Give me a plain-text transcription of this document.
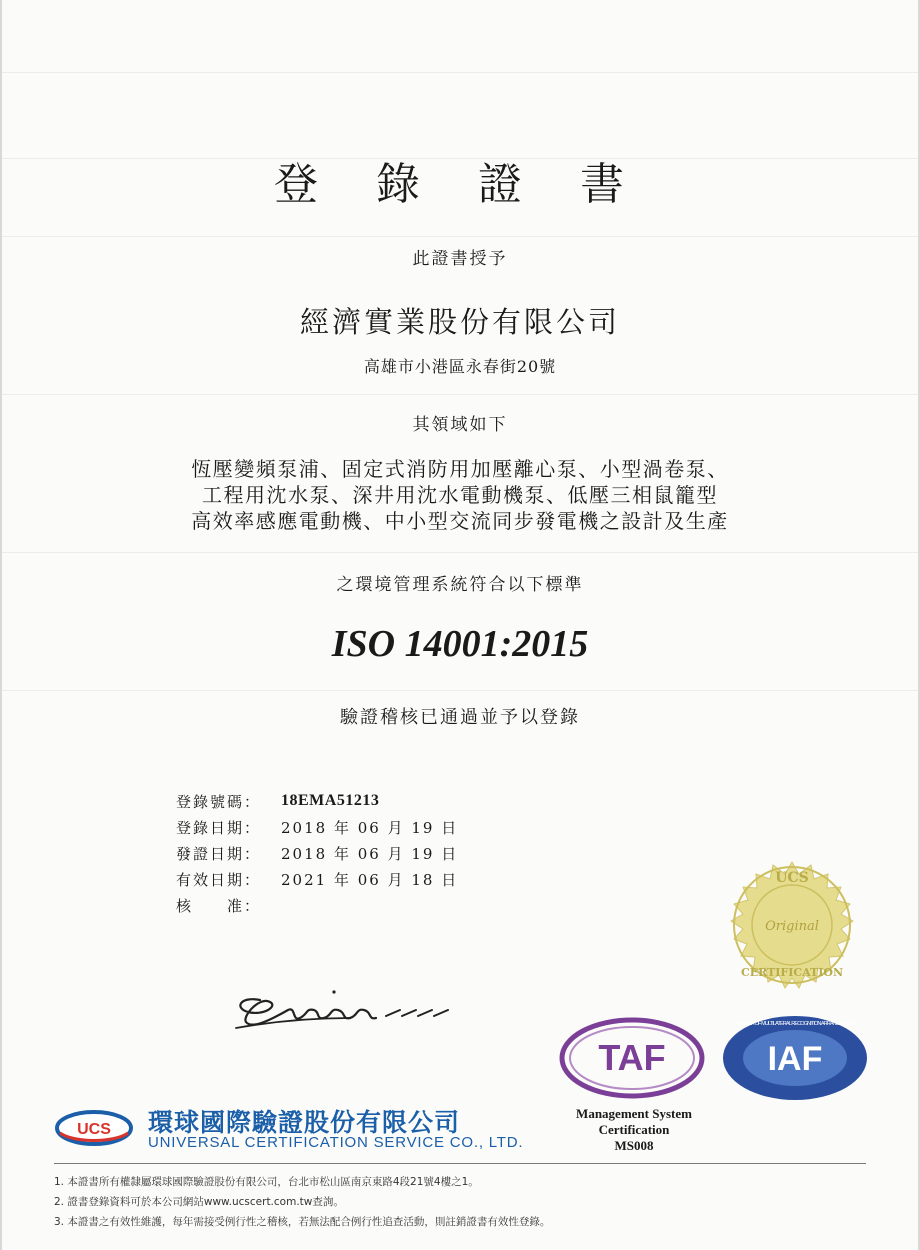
登 錄 證 書
此證書授予
經濟實業股份有限公司
高雄市小港區永春街20號
其領域如下
恆壓變頻泵浦、固定式消防用加壓離心泵、小型渦卷泵、
工程用沈水泵、深井用沈水電動機泵、低壓三相鼠籠型
高效率感應電動機、中小型交流同步發電機之設計及生產
之環境管理系統符合以下標準
ISO 14001:2015
驗證稽核已通過並予以登錄
登錄號碼：	18EMA51213
登錄日期：	2018 年 06 月 19 日
發證日期：	2018 年 06 月 19 日
有效日期：	2021 年 06 月 18 日
核　　准：
UCS
Original
CERTIFICATION
TAF	IAF
MEMBER OF MULTILATERAL RECOGNITION ARRANGEMENT
Management System
Certification
MS008
UCS 環球國際驗證股份有限公司
UNIVERSAL CERTIFICATION SERVICE CO., LTD.
1. 本證書所有權隸屬環球國際驗證股份有限公司，台北市松山區南京東路4段21號4樓之1。
2. 證書登錄資料可於本公司網站www.ucscert.com.tw查詢。
3. 本證書之有效性維護，每年需接受例行性之稽核，若無法配合例行性追查活動，則註銷證書有效性登錄。
